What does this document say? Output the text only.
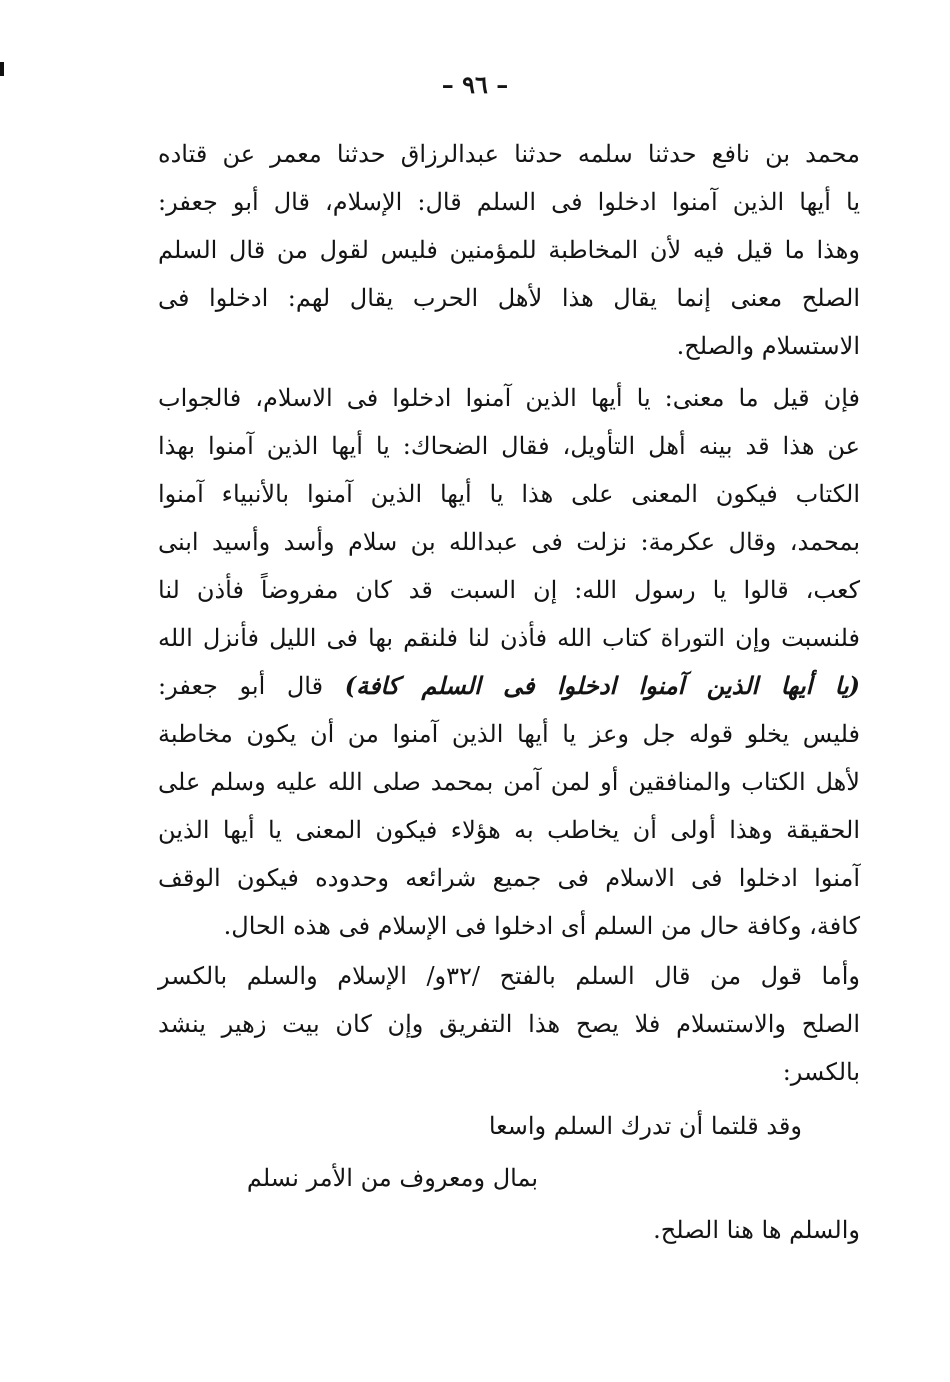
– ٩٦ –
محمد بن نافع حدثنا سلمه حدثنا عبدالرزاق حدثنا معمر عن قتاده
يا أيها الذين آمنوا ادخلوا فى السلم قال: الإسلام، قال أبو جعفر:
وهذا ما قيل فيه لأن المخاطبة للمؤمنين فليس لقول من قال السلم
الصلح معنى إنما يقال هذا لأهل الحرب يقال لهم: ادخلوا فى
الاستسلام والصلح.
فإن قيل ما معنى: يا أيها الذين آمنوا ادخلوا فى الاسلام، فالجواب
عن هذا قد بينه أهل التأويل، فقال الضحاك: يا أيها الذين آمنوا بهذا
الكتاب فيكون المعنى على هذا يا أيها الذين آمنوا بالأنبياء آمنوا
بمحمد، وقال عكرمة: نزلت فى عبدالله بن سلام وأسد وأسيد ابنى
كعب، قالوا يا رسول الله: إن السبت قد كان مفروضاً فأذن لنا
فلنسبت وإن التوراة كتاب الله فأذن لنا فلنقم بها فى الليل فأنزل الله
(يا أيها الذين آمنوا ادخلوا فى السلم كافة) قال أبو جعفر:
فليس يخلو قوله جل وعز يا أيها الذين آمنوا من أن يكون مخاطبة
لأهل الكتاب والمنافقين أو لمن آمن بمحمد صلى الله عليه وسلم على
الحقيقة وهذا أولى أن يخاطب به هؤلاء فيكون المعنى يا أيها الذين
آمنوا ادخلوا فى الاسلام فى جميع شرائعه وحدوده فيكون الوقف
كافة، وكافة حال من السلم أى ادخلوا فى الإسلام فى هذه الحال.
وأما قول من قال السلم بالفتح /٣٢و/ الإسلام والسلم بالكسر
الصلح والاستسلام فلا يصح هذا التفريق وإن كان بيت زهير ينشد
بالكسر:
وقد قلتما أن تدرك السلم واسعا
بمال ومعروف من الأمر نسلم
والسلم ها هنا الصلح.
